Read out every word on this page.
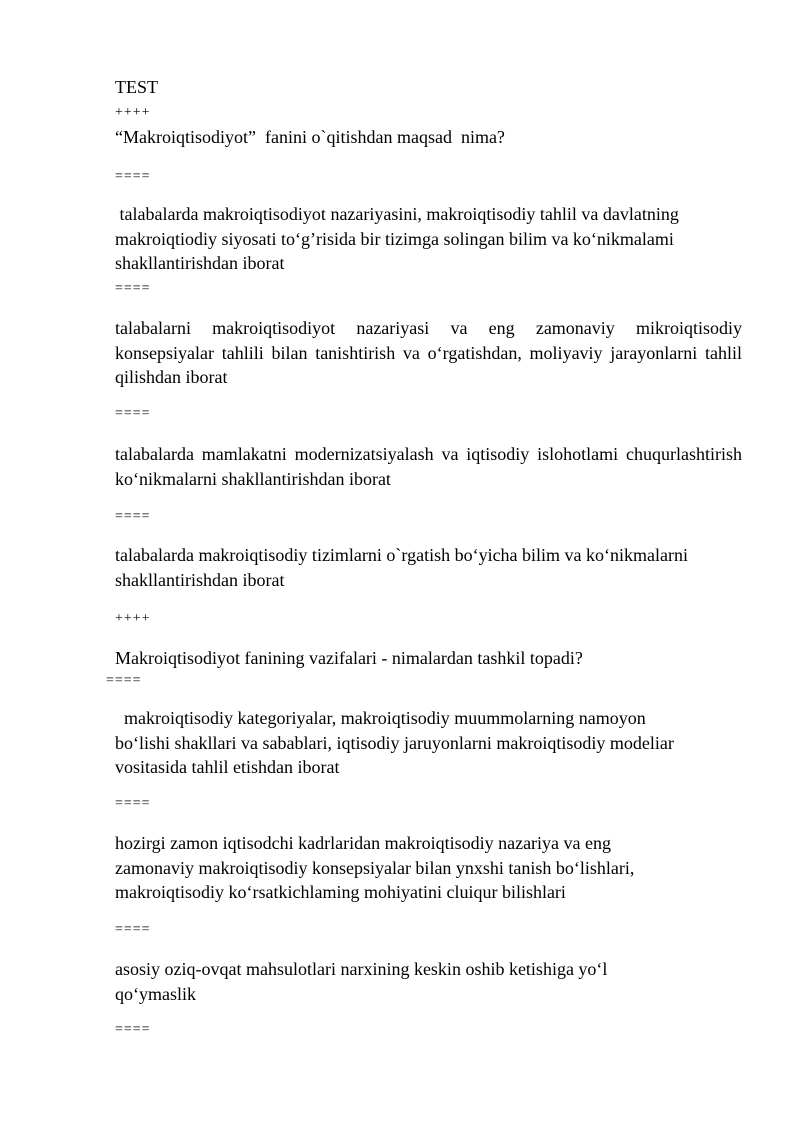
TEST
++++
“Makroiqtisodiyot”  fanini o`qitishdan maqsad  nima?
====
talabalarda makroiqtisodiyot nazariyasini, makroiqtisodiy tahlil va davlatning
makroiqtiodiy siyosati to‘g’risida bir tizimga solingan bilim va ko‘nikmalami
shakllantirishdan iborat
====
talabalarni makroiqtisodiyot nazariyasi va eng zamonaviy mikroiqtisodiy konsepsiyalar tahlili bilan tanishtirish va o‘rgatishdan, moliyaviy jarayonlarni tahlil qilishdan iborat
====
talabalarda mamlakatni modernizatsiyalash va iqtisodiy islohotlami chuqurlashtirish ko‘nikmalarni shakllantirishdan iborat
====
talabalarda makroiqtisodiy tizimlarni o`rgatish bo‘yicha bilim va ko‘nikmalarni shakllantirishdan iborat
++++
Makroiqtisodiyot fanining vazifalari - nimalardan tashkil topadi?
====
makroiqtisodiy kategoriyalar, makroiqtisodiy muummolarning namoyon
bo‘lishi shakllari va sabablari, iqtisodiy jaruyonlarni makroiqtisodiy modeliar
vositasida tahlil etishdan iborat
====
hozirgi zamon iqtisodchi kadrlaridan makroiqtisodiy nazariya va eng
zamonaviy makroiqtisodiy konsepsiyalar bilan ynxshi tanish bo‘lishlari,
makroiqtisodiy ko‘rsatkichlaming mohiyatini cluiqur bilishlari
====
asosiy oziq-ovqat mahsulotlari narxining keskin oshib ketishiga yo‘l
qo‘ymaslik
====
